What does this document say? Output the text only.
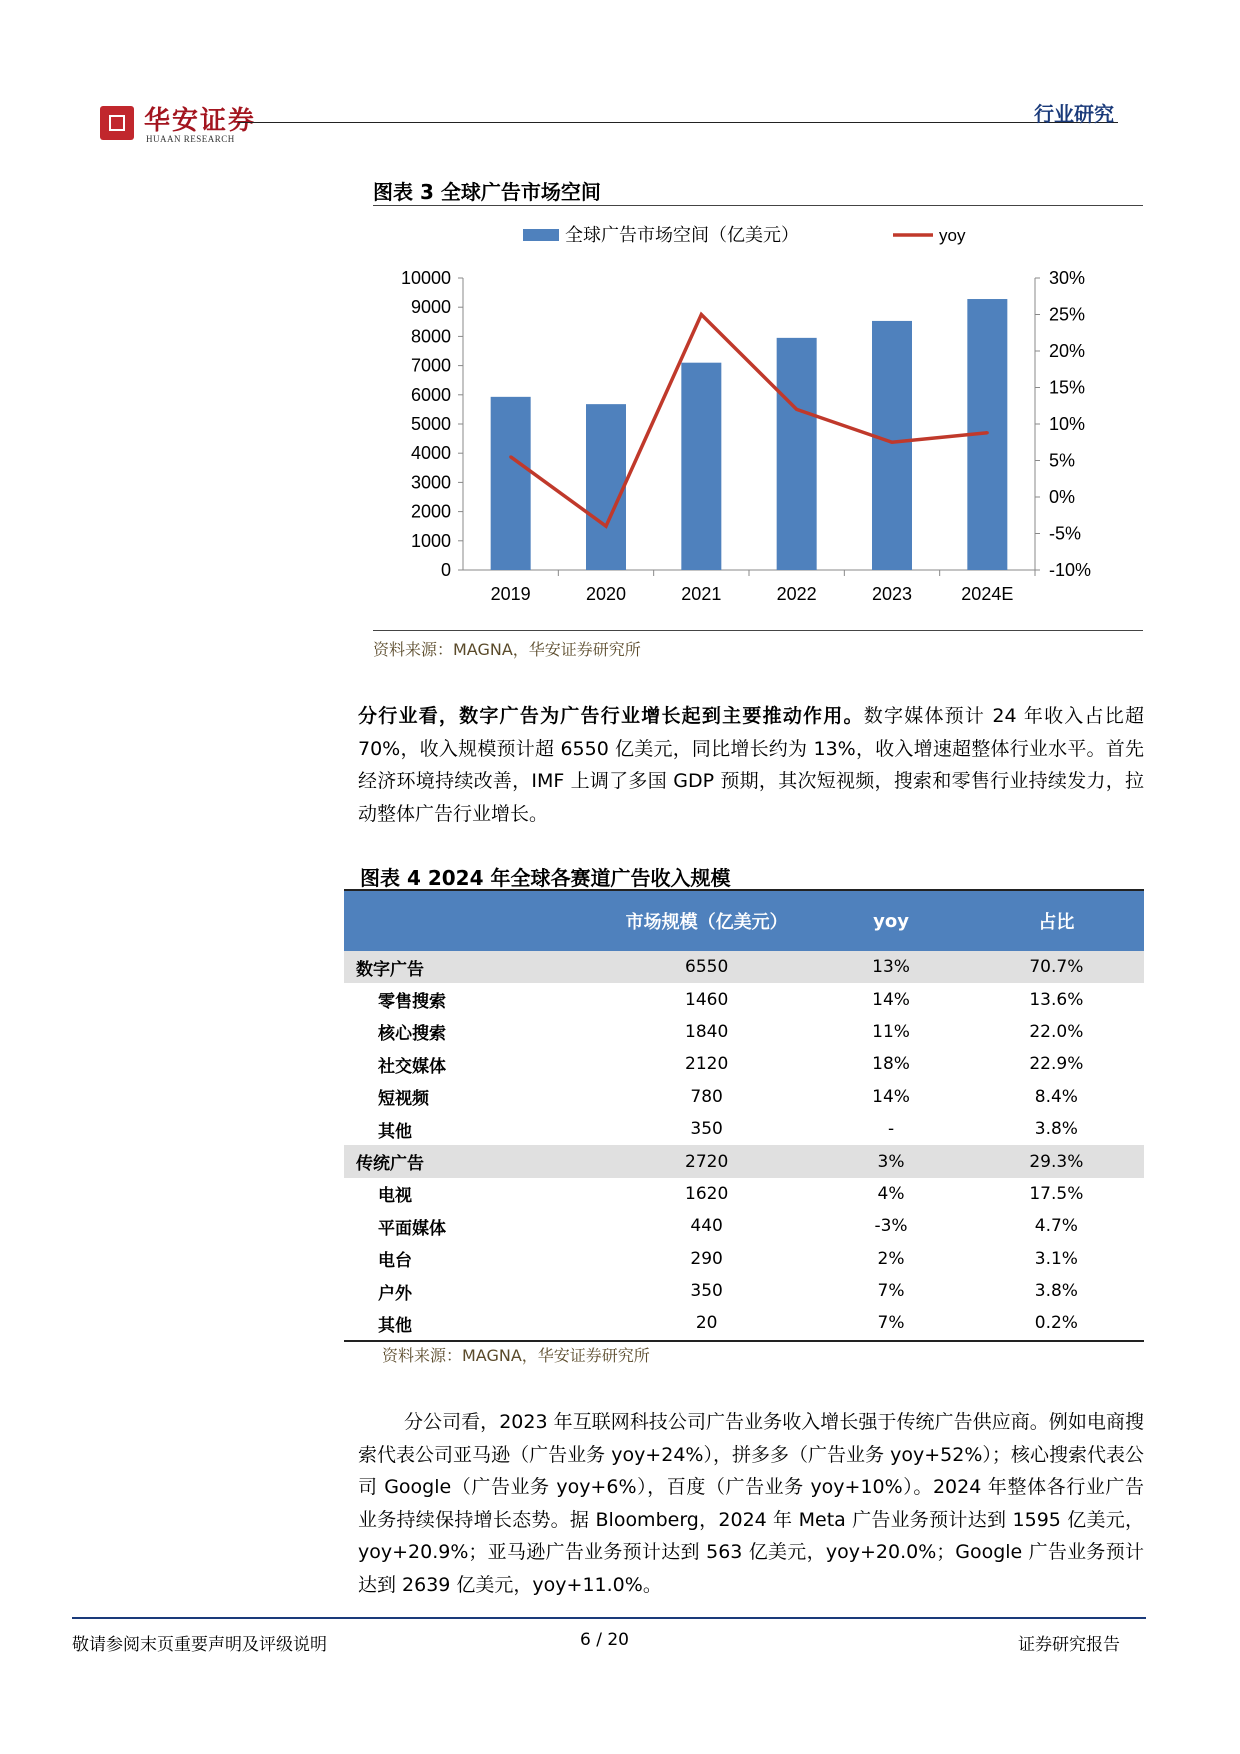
华安证券
HUAAN RESEARCH
行业研究
图表 3 全球广告市场空间
0
1000
2000
3000
4000
5000
6000
7000
8000
9000
10000
-10%
-5%
0%
5%
10%
15%
20%
25%
30%
2019	2020	2021	2022	2023	2024E
全球广告市场空间（亿美元）	yoy
资料来源：MAGNA，华安证券研究所
分行业看，数字广告为广告行业增长起到主要推动作用。数字媒体预计 24 年收入占比超 70%，收入规模预计超 6550 亿美元，同比增长约为 13%，收入增速超整体行业水平。首先经济环境持续改善，IMF 上调了多国 GDP 预期，其次短视频，搜索和零售行业持续发力，拉动整体广告行业增长。
图表 4 2024 年全球各赛道广告收入规模
	市场规模（亿美元）	yoy	占比
数字广告	6550	13%	70.7%
零售搜索	1460	14%	13.6%
核心搜索	1840	11%	22.0%
社交媒体	2120	18%	22.9%
短视频	780	14%	8.4%
其他	350	-	3.8%
传统广告	2720	3%	29.3%
电视	1620	4%	17.5%
平面媒体	440	-3%	4.7%
电台	290	2%	3.1%
户外	350	7%	3.8%
其他	20	7%	0.2%
资料来源：MAGNA，华安证券研究所
分公司看，2023 年互联网科技公司广告业务收入增长强于传统广告供应商。例如电商搜索代表公司亚马逊（广告业务 yoy+24%），拼多多（广告业务 yoy+52%）；核心搜索代表公司 Google（广告业务 yoy+6%），百度（广告业务 yoy+10%）。2024 年整体各行业广告业务持续保持增长态势。据 Bloomberg，2024 年 Meta 广告业务预计达到 1595 亿美元，yoy+20.9%；亚马逊广告业务预计达到 563 亿美元，yoy+20.0%；Google 广告业务预计达到 2639 亿美元，yoy+11.0%。
敬请参阅末页重要声明及评级说明	6 / 20	证券研究报告
